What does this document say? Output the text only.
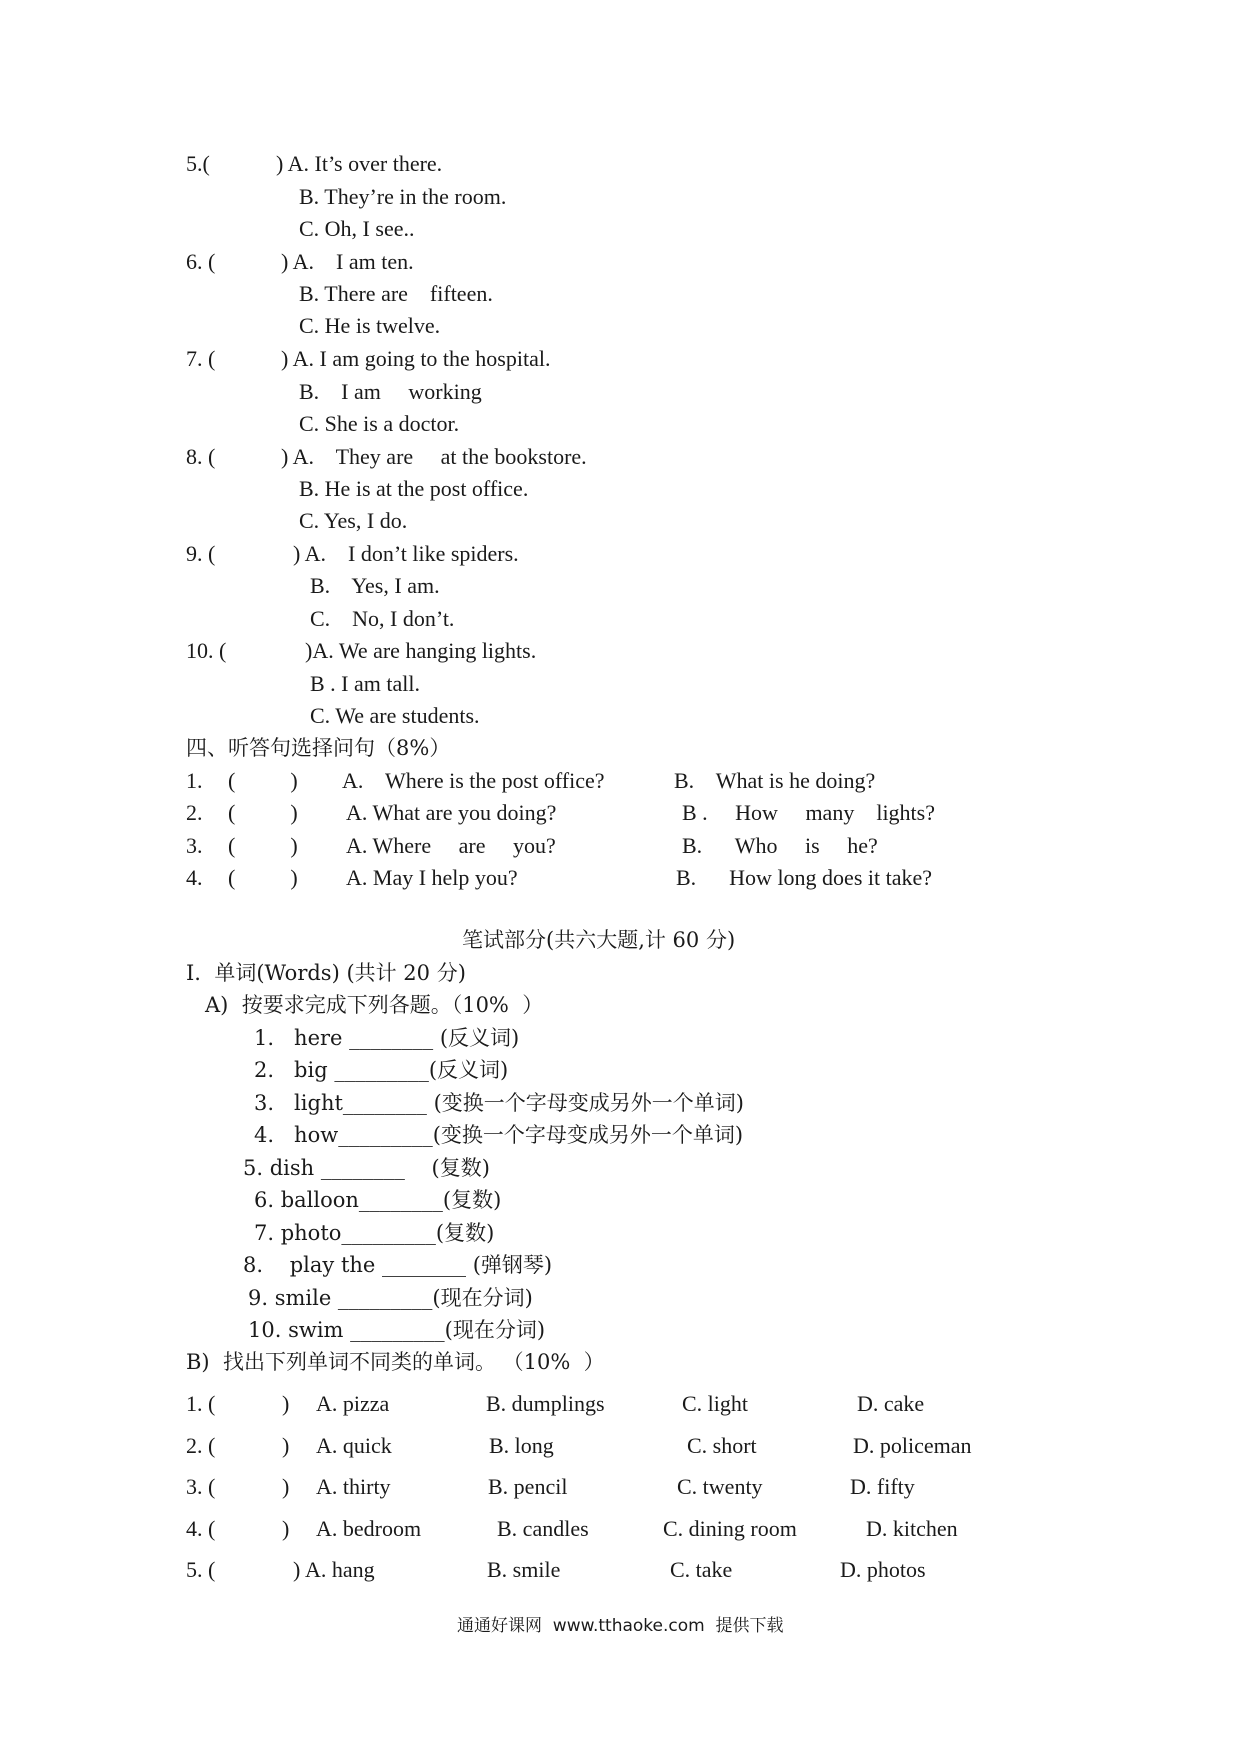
5.(	) A. It’s over there.
B. They’re in the room.
C. Oh, I see..
6. (	) A.    I am ten.
B. There are    fifteen.
C. He is twelve.
7. (	) A. I am going to the hospital.
B.    I am     working
C. She is a doctor.
8. (	) A.    They are     at the bookstore.
B. He is at the post office.
C. Yes, I do.
9. (	) A.    I don’t like spiders.
B.    Yes, I am.
C.    No, I don’t.
10. (	)A. We are hanging lights.
B . I am tall.
C. We are students.
四、听答句选择问句（8%）
1. (          ) A.    Where is the post office?	B.    What is he doing?
2. (          ) A. What are you doing?	B .     How     many    lights?
3. (          ) A. Where     are     you?	B.      Who     is     he?
4. (          ) A. May I help you?	B.      How long does it take?
笔试部分(共六大题,计 60 分)
I.  单词(Words) (共计 20 分)
A)  按要求完成下列各题。（10%  ）
1.   here ________ (反义词)
2.   big _________(反义词)
3.   light________ (变换一个字母变成另外一个单词)
4.   how_________(变换一个字母变成另外一个单词)
5. dish ________    (复数)
6. balloon________(复数)
7. photo_________(复数)
8.    play the ________ (弹钢琴)
9. smile _________(现在分词)
10. swim _________(现在分词)
B)  找出下列单词不同类的单词。 （10%  ）
1. (	) A. pizza	B. dumplings	C. light	D. cake
2. (	) A. quick	B. long	C. short	D. policeman
3. (	) A. thirty	B. pencil	C. twenty	D. fifty
4. (	) A. bedroom	B. candles	C. dining room	D. kitchen
5. (	) A. hang	B. smile	C. take	D. photos
通通好课网  www.tthaoke.com  提供下载
